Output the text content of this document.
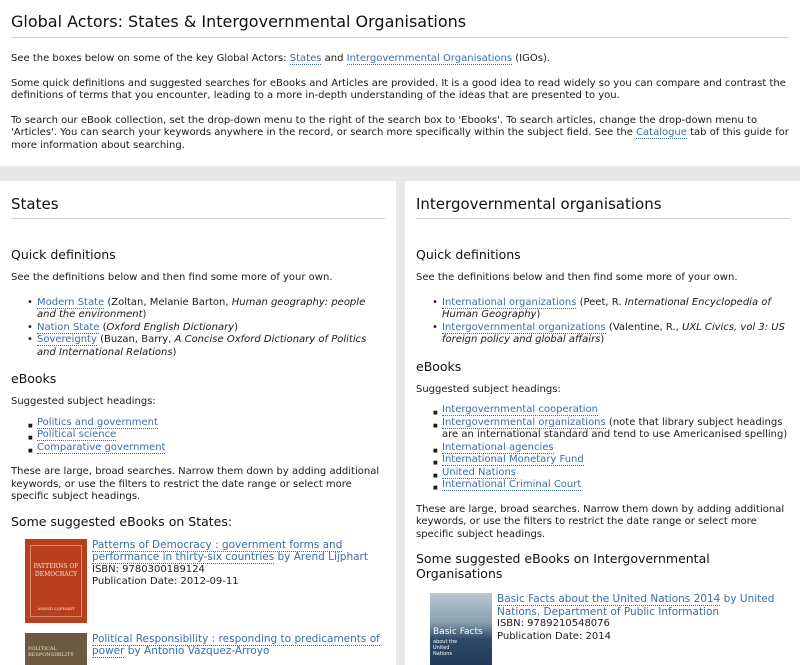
Global Actors: States & Intergovernmental Organisations

See the boxes below on some of the key Global Actors: States and Intergovernmental Organisations (IGOs).

Some quick definitions and suggested searches for eBooks and Articles are provided. It is a good idea to read widely so you can compare and contrast the definitions of terms that you encounter, leading to a more in-depth understanding of the ideas that are presented to you.

To search our eBook collection, set the drop-down menu to the right of the search box to 'Ebooks'. To search articles, change the drop-down menu to 'Articles'. You can search your keywords anywhere in the record, or search more specifically within the subject field. See the Catalogue tab of this guide for more information about searching.

States
Quick definitions

See the definitions below and then find some more of your own.

• Modern State (Zoltan, Melanie Barton, Human geography: people and the environment)
• Nation State (Oxford English Dictionary)
• Sovereignty (Buzan, Barry, A Concise Oxford Dictionary of Politics and International Relations)
eBooks

Suggested subject headings:

■ Politics and government
■ Political science
■ Comparative government

These are large, broad searches. Narrow them down by adding additional keywords, or use the filters to restrict the date range or select more specific subject headings.

Some suggested eBooks on States:
PATTERNS OF DEMOCRACY
AREND LIJPHART
Patterns of Democracy : government forms and performance in thirty-six countries by Arend Lijphart
ISBN: 9780300189124
Publication Date: 2012-09-11
POLITICAL RESPONSIBILITY
Political Responsibility : responding to predicaments of power by Antonio Vázquez-Arroyo
Intergovernmental organisations
Quick definitions

See the definitions below and then find some more of your own.

• International organizations (Peet, R. International Encyclopedia of Human Geography)
• Intergovernmental organizations (Valentine, R., UXL Civics, vol 3: US foreign policy and global affairs)
eBooks

Suggested subject headings:

■ Intergovernmental cooperation
■ Intergovernmental organizations (note that library subject headings are an international standard and tend to use Americanised spelling)
■ International agencies
■ International Monetary Fund
■ United Nations
■ International Criminal Court

These are large, broad searches. Narrow them down by adding additional keywords, or use the filters to restrict the date range or select more specific subject headings.

Some suggested eBooks on Intergovernmental Organisations
Basic Facts
about the United Nations
Basic Facts about the United Nations 2014 by United Nations. Department of Public Information
ISBN: 9789210548076
Publication Date: 2014
